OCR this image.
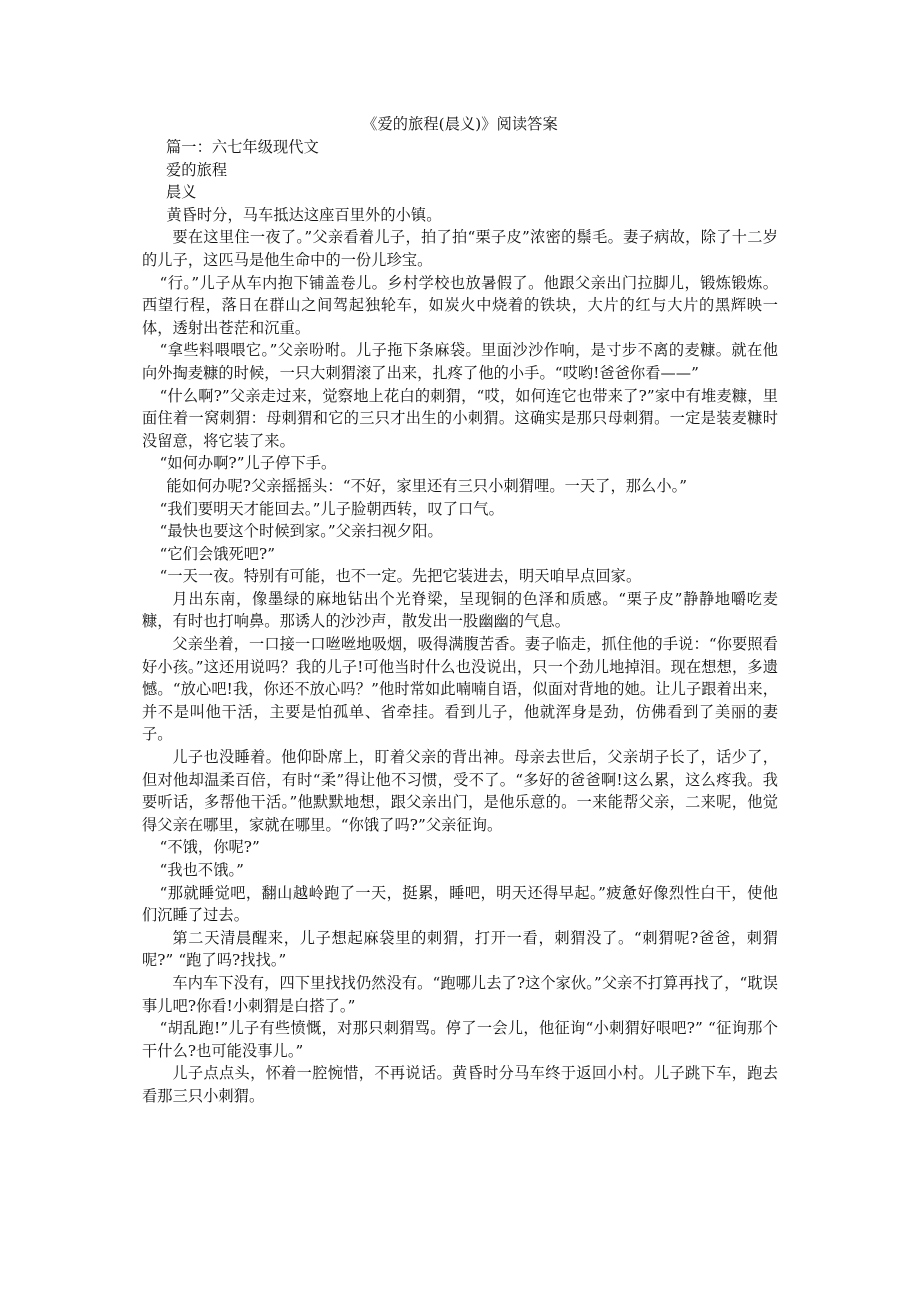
《爱的旅程(晨义)》阅读答案

篇一：六七年级现代文

爱的旅程

晨义

黄昏时分，马车抵达这座百里外的小镇。

要在这里住一夜了。”父亲看着儿子，拍了拍“栗子皮”浓密的鬃毛。妻子病故，除了十二岁的儿子，这匹马是他生命中的一份儿珍宝。

“行。”儿子从车内抱下铺盖卷儿。乡村学校也放暑假了。他跟父亲出门拉脚儿，锻炼锻炼。西望行程，落日在群山之间驾起独轮车，如炭火中烧着的铁块，大片的红与大片的黑辉映一体，透射出苍茫和沉重。

“拿些料喂喂它。”父亲吩咐。儿子拖下条麻袋。里面沙沙作响，是寸步不离的麦糠。就在他向外掏麦糠的时候，一只大刺猬滚了出来，扎疼了他的小手。“哎哟!爸爸你看——”

“什么啊?”父亲走过来，觉察地上花白的刺猬，“哎，如何连它也带来了?”家中有堆麦糠，里面住着一窝刺猬：母刺猬和它的三只才出生的小刺猬。这确实是那只母刺猬。一定是装麦糠时没留意，将它装了来。

“如何办啊?”儿子停下手。

能如何办呢?父亲摇摇头：“不好，家里还有三只小刺猬哩。一天了，那么小。”

“我们要明天才能回去。”儿子脸朝西转，叹了口气。

“最快也要这个时候到家。”父亲扫视夕阳。

“它们会饿死吧?”

“一天一夜。特别有可能，也不一定。先把它装进去，明天咱早点回家。

月出东南，像墨绿的麻地钻出个光脊梁，呈现铜的色泽和质感。“栗子皮”静静地嚼吃麦糠，有时也打响鼻。那诱人的沙沙声，散发出一股幽幽的气息。

父亲坐着，一口接一口咝咝地吸烟，吸得满腹苦香。妻子临走，抓住他的手说：“你要照看好小孩。”这还用说吗？我的儿子!可他当时什么也没说出，只一个劲儿地掉泪。现在想想，多遗憾。“放心吧!我，你还不放心吗？”他时常如此喃喃自语，似面对背地的她。让儿子跟着出来，并不是叫他干活，主要是怕孤单、省牵挂。看到儿子，他就浑身是劲，仿佛看到了美丽的妻子。

儿子也没睡着。他仰卧席上，盯着父亲的背出神。母亲去世后，父亲胡子长了，话少了，但对他却温柔百倍，有时“柔”得让他不习惯，受不了。“多好的爸爸啊!这么累，这么疼我。我要听话，多帮他干活。”他默默地想，跟父亲出门，是他乐意的。一来能帮父亲，二来呢，他觉得父亲在哪里，家就在哪里。“你饿了吗?”父亲征询。

“不饿，你呢?”

“我也不饿。”

“那就睡觉吧，翻山越岭跑了一天，挺累，睡吧，明天还得早起。”疲惫好像烈性白干，使他们沉睡了过去。

第二天清晨醒来，儿子想起麻袋里的刺猬，打开一看，刺猬没了。“刺猬呢?爸爸，刺猬呢?” “跑了吗?找找。”

车内车下没有，四下里找找仍然没有。“跑哪儿去了?这个家伙。”父亲不打算再找了，“耽误事儿吧?你看!小刺猬是白搭了。”

“胡乱跑!”儿子有些愤慨，对那只刺猬骂。停了一会儿，他征询“小刺猬好哏吧?” “征询那个干什么?也可能没事儿。”

儿子点点头，怀着一腔惋惜，不再说话。黄昏时分马车终于返回小村。儿子跳下车，跑去看那三只小刺猬。
